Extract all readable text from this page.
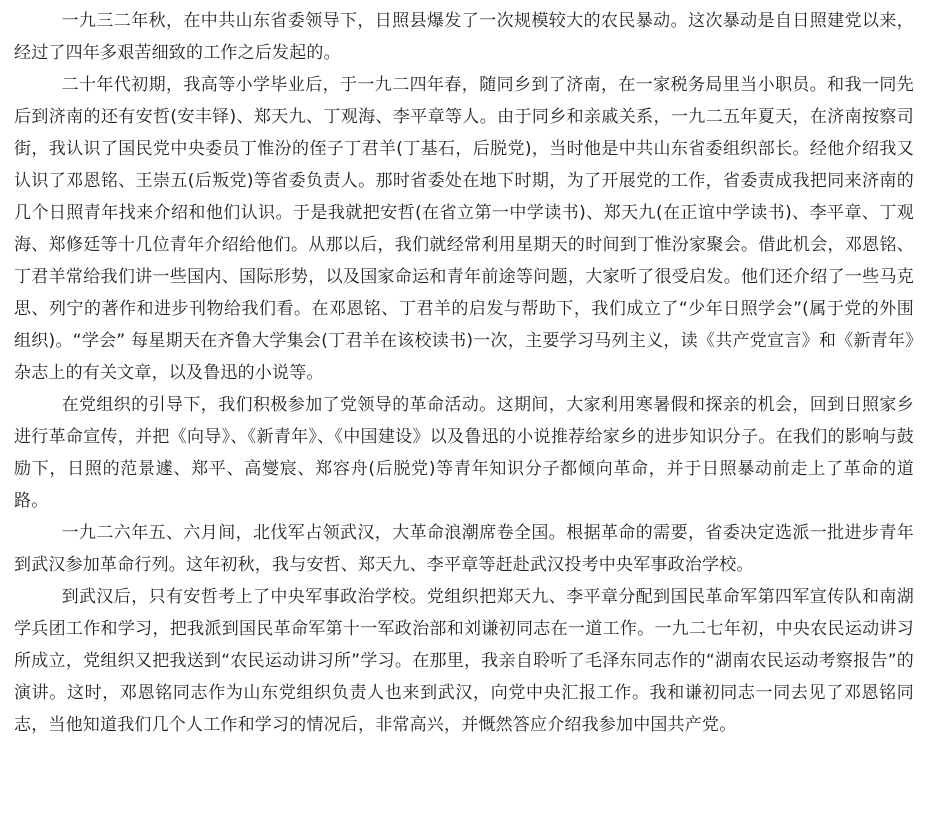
一九三二年秋，在中共山东省委领导下，日照县爆发了一次规模较大的农民暴动。这次暴动是自日照建党以来，经过了四年多艰苦细致的工作之后发起的。

二十年代初期，我高等小学毕业后，于一九二四年春，随同乡到了济南，在一家税务局里当小职员。和我一同先后到济南的还有安哲(安丰铎)、郑天九、丁观海、李平章等人。由于同乡和亲戚关系，一九二五年夏天，在济南按察司街，我认识了国民党中央委员丁惟汾的侄子丁君羊(丁基石，后脱党)，当时他是中共山东省委组织部长。经他介绍我又认识了邓恩铭、王崇五(后叛党)等省委负责人。那时省委处在地下时期，为了开展党的工作，省委责成我把同来济南的几个日照青年找来介绍和他们认识。于是我就把安哲(在省立第一中学读书)、郑天九(在正谊中学读书)、李平章、丁观海、郑修廷等十几位青年介绍给他们。从那以后，我们就经常利用星期天的时间到丁惟汾家聚会。借此机会，邓恩铭、丁君羊常给我们讲一些国内、国际形势，以及国家命运和青年前途等问题，大家听了很受启发。他们还介绍了一些马克思、列宁的著作和进步刊物给我们看。在邓恩铭、丁君羊的启发与帮助下，我们成立了“少年日照学会”(属于党的外围组织)。“学会” 每星期天在齐鲁大学集会(丁君羊在该校读书)一次，主要学习马列主义，读《共产党宣言》和《新青年》杂志上的有关文章，以及鲁迅的小说等。

在党组织的引导下，我们积极参加了党领导的革命活动。这期间，大家利用寒暑假和探亲的机会，回到日照家乡进行革命宣传，并把《向导》、《新青年》、《中国建设》以及鲁迅的小说推荐给家乡的进步知识分子。在我们的影响与鼓励下，日照的范景遽、郑平、高燮宸、郑容舟(后脱党)等青年知识分子都倾向革命，并于日照暴动前走上了革命的道路。

一九二六年五、六月间，北伐军占领武汉，大革命浪潮席卷全国。根据革命的需要，省委决定选派一批进步青年到武汉参加革命行列。这年初秋，我与安哲、郑天九、李平章等赶赴武汉投考中央军事政治学校。

到武汉后，只有安哲考上了中央军事政治学校。党组织把郑天九、李平章分配到国民革命军第四军宣传队和南湖学兵团工作和学习，把我派到国民革命军第十一军政治部和刘谦初同志在一道工作。一九二七年初，中央农民运动讲习所成立，党组织又把我送到“农民运动讲习所”学习。在那里，我亲自聆听了毛泽东同志作的“湖南农民运动考察报告”的演讲。这时，邓恩铭同志作为山东党组织负责人也来到武汉，向党中央汇报工作。我和谦初同志一同去见了邓恩铭同志，当他知道我们几个人工作和学习的情况后，非常高兴，并慨然答应介绍我参加中国共产党。
